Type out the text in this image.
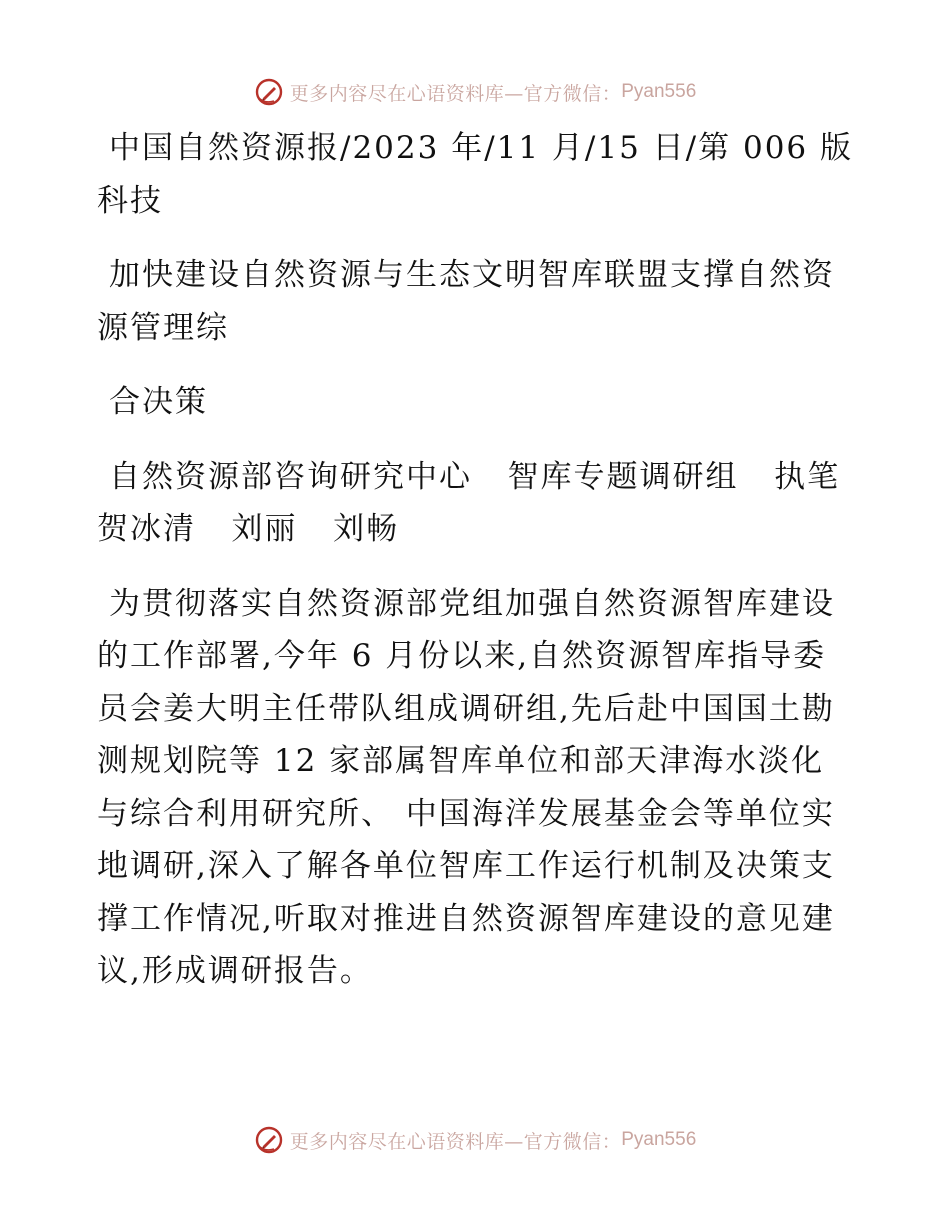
更多内容尽在心语资料库—官方微信： Pyan556

中国自然资源报/2023 年/11 月/15 日/第 006 版科技

加快建设自然资源与生态文明智库联盟支撑自然资源管理综

合决策

自然资源部咨询研究中心   智库专题调研组   执笔   贺冰清   刘丽   刘畅

为贯彻落实自然资源部党组加强自然资源智库建设的工作部署,今年 6 月份以来,自然资源智库指导委员会姜大明主任带队组成调研组,先后赴中国国土勘测规划院等 12 家部属智库单位和部天津海水淡化与综合利用研究所、 中国海洋发展基金会等单位实地调研,深入了解各单位智库工作运行机制及决策支撑工作情况,听取对推进自然资源智库建设的意见建议,形成调研报告。

更多内容尽在心语资料库—官方微信： Pyan556
